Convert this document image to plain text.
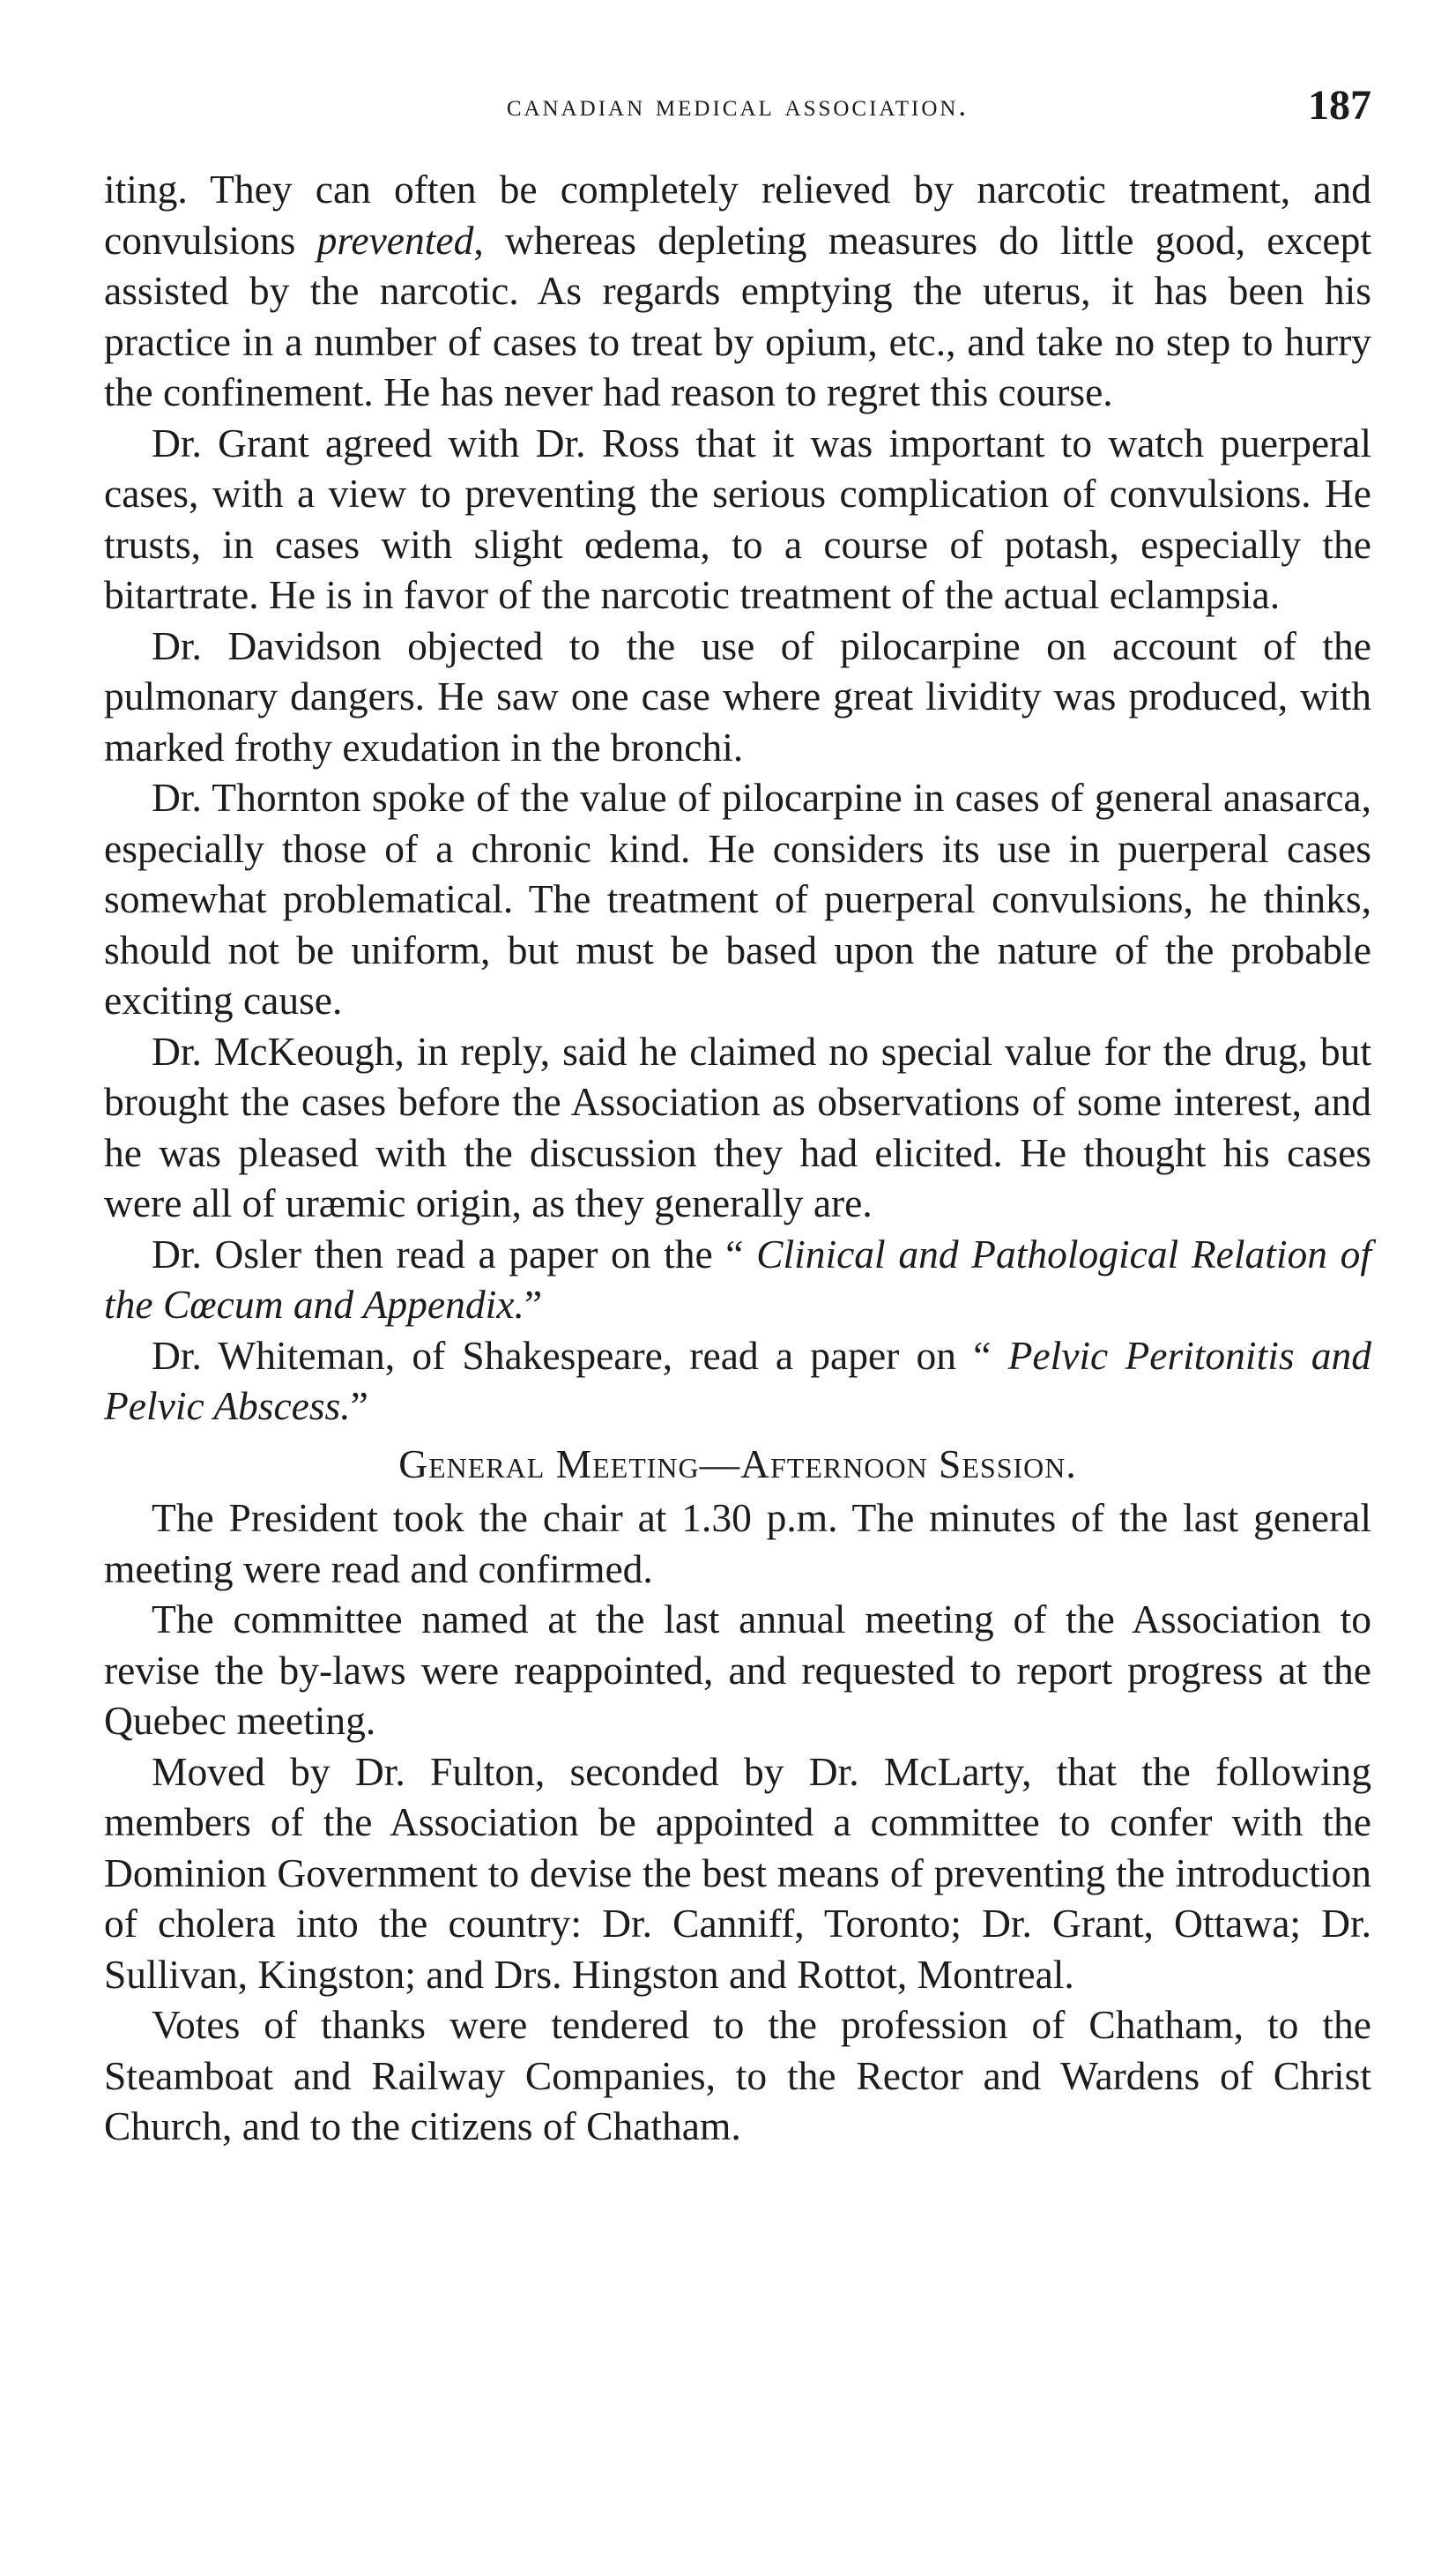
canadian medical association.	187

iting. They can often be completely relieved by narcotic treatment, and convulsions prevented, whereas depleting measures do little good, except assisted by the narcotic. As regards emptying the uterus, it has been his practice in a number of cases to treat by opium, etc., and take no step to hurry the confinement. He has never had reason to regret this course.

Dr. Grant agreed with Dr. Ross that it was important to watch puerperal cases, with a view to preventing the serious complication of convulsions. He trusts, in cases with slight œdema, to a course of potash, especially the bitartrate. He is in favor of the narcotic treatment of the actual eclampsia.

Dr. Davidson objected to the use of pilocarpine on account of the pulmonary dangers. He saw one case where great lividity was produced, with marked frothy exudation in the bronchi.

Dr. Thornton spoke of the value of pilocarpine in cases of general anasarca, especially those of a chronic kind. He considers its use in puerperal cases somewhat problematical. The treatment of puerperal convulsions, he thinks, should not be uniform, but must be based upon the nature of the probable exciting cause.

Dr. McKeough, in reply, said he claimed no special value for the drug, but brought the cases before the Association as observations of some interest, and he was pleased with the discussion they had elicited. He thought his cases were all of uræmic origin, as they generally are.

Dr. Osler then read a paper on the “ Clinical and Pathological Relation of the Cœcum and Appendix.”

Dr. Whiteman, of Shakespeare, read a paper on “ Pelvic Peritonitis and Pelvic Abscess.”

General Meeting—Afternoon Session.

The President took the chair at 1.30 p.m. The minutes of the last general meeting were read and confirmed.

The committee named at the last annual meeting of the Association to revise the by-laws were reappointed, and requested to report progress at the Quebec meeting.

Moved by Dr. Fulton, seconded by Dr. McLarty, that the following members of the Association be appointed a committee to confer with the Dominion Government to devise the best means of preventing the introduction of cholera into the country: Dr. Canniff, Toronto; Dr. Grant, Ottawa; Dr. Sullivan, Kingston; and Drs. Hingston and Rottot, Montreal.

Votes of thanks were tendered to the profession of Chatham, to the Steamboat and Railway Companies, to the Rector and Wardens of Christ Church, and to the citizens of Chatham.
